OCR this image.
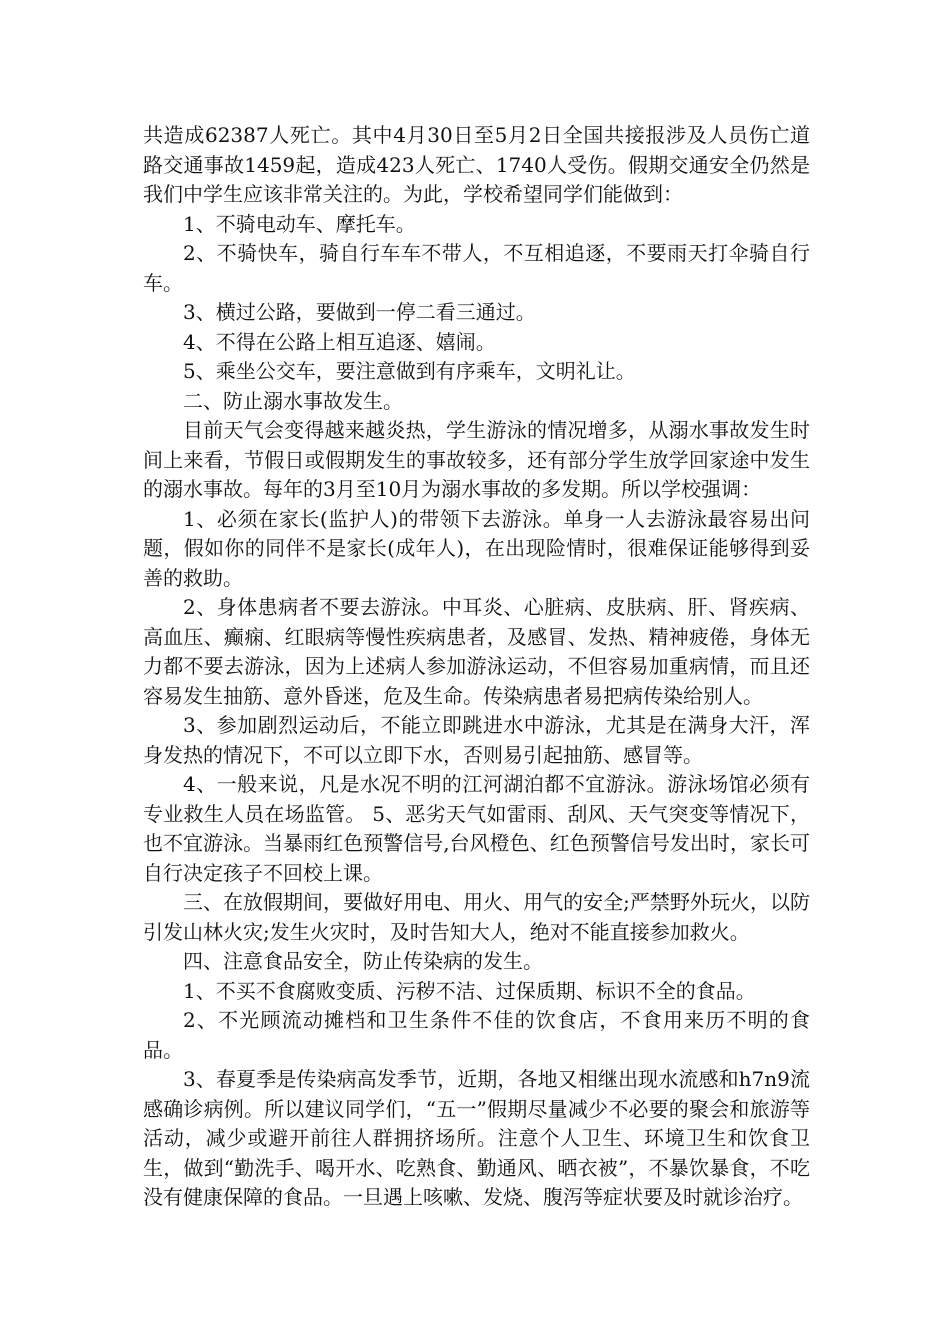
共造成62387人死亡。其中4月30日至5月2日全国共接报涉及人员伤亡道路交通事故1459起，造成423人死亡、1740人受伤。假期交通安全仍然是我们中学生应该非常关注的。为此，学校希望同学们能做到：

1、不骑电动车、摩托车。

2、不骑快车，骑自行车车不带人，不互相追逐，不要雨天打伞骑自行车。

3、横过公路，要做到一停二看三通过。

4、不得在公路上相互追逐、嬉闹。

5、乘坐公交车，要注意做到有序乘车，文明礼让。

二、防止溺水事故发生。

目前天气会变得越来越炎热，学生游泳的情况增多，从溺水事故发生时间上来看，节假日或假期发生的事故较多，还有部分学生放学回家途中发生的溺水事故。每年的3月至10月为溺水事故的多发期。所以学校强调：

1、必须在家长(监护人)的带领下去游泳。单身一人去游泳最容易出问题，假如你的同伴不是家长(成年人)，在出现险情时，很难保证能够得到妥善的救助。

2、身体患病者不要去游泳。中耳炎、心脏病、皮肤病、肝、肾疾病、高血压、癫痫、红眼病等慢性疾病患者，及感冒、发热、精神疲倦，身体无力都不要去游泳，因为上述病人参加游泳运动，不但容易加重病情，而且还容易发生抽筋、意外昏迷，危及生命。传染病患者易把病传染给别人。

3、参加剧烈运动后，不能立即跳进水中游泳，尤其是在满身大汗，浑身发热的情况下，不可以立即下水，否则易引起抽筋、感冒等。

4、一般来说，凡是水况不明的江河湖泊都不宜游泳。游泳场馆必须有专业救生人员在场监管。 5、恶劣天气如雷雨、刮风、天气突变等情况下，也不宜游泳。当暴雨红色预警信号,台风橙色、红色预警信号发出时，家长可自行决定孩子不回校上课。

三、在放假期间，要做好用电、用火、用气的安全;严禁野外玩火，以防引发山林火灾;发生火灾时，及时告知大人，绝对不能直接参加救火。

四、注意食品安全，防止传染病的发生。

1、不买不食腐败变质、污秽不洁、过保质期、标识不全的食品。

2、不光顾流动摊档和卫生条件不佳的饮食店，不食用来历不明的食品。

3、春夏季是传染病高发季节，近期，各地又相继出现水流感和h7n9流感确诊病例。所以建议同学们，“五一”假期尽量减少不必要的聚会和旅游等活动，减少或避开前往人群拥挤场所。注意个人卫生、环境卫生和饮食卫生，做到“勤洗手、喝开水、吃熟食、勤通风、晒衣被”，不暴饮暴食，不吃没有健康保障的食品。一旦遇上咳嗽、发烧、腹泻等症状要及时就诊治疗。
